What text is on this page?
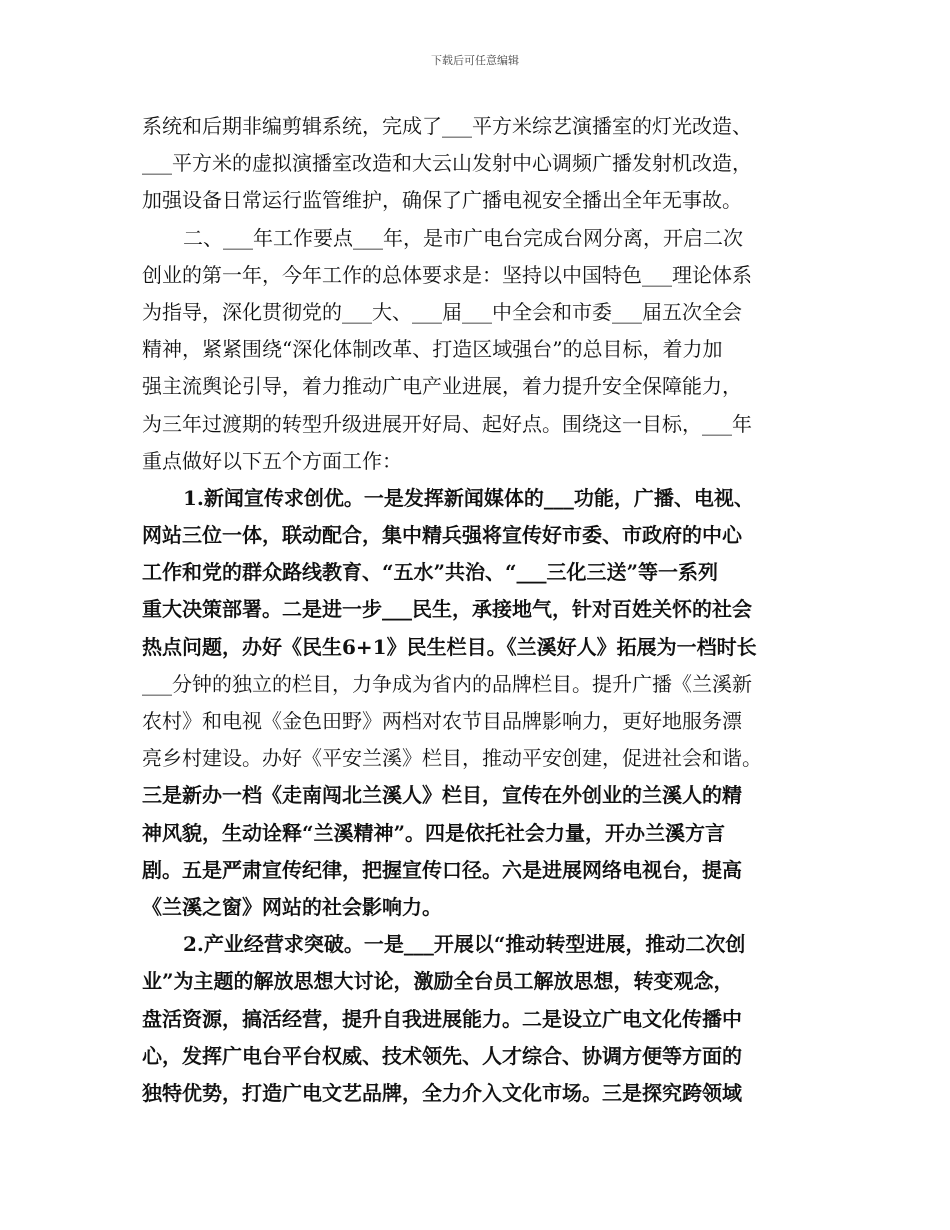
下载后可任意编辑
系统和后期非编剪辑系统，完成了___平方米综艺演播室的灯光改造、
___平方米的虚拟演播室改造和大云山发射中心调频广播发射机改造，
加强设备日常运行监管维护，确保了广播电视安全播出全年无事故。
二、___年工作要点___年，是市广电台完成台网分离，开启二次
创业的第一年，今年工作的总体要求是：坚持以中国特色___理论体系
为指导，深化贯彻党的___大、___届___中全会和市委___届五次全会
精神，紧紧围绕“深化体制改革、打造区域强台”的总目标，着力加
强主流舆论引导，着力推动广电产业进展，着力提升安全保障能力，
为三年过渡期的转型升级进展开好局、起好点。围绕这一目标，___年
重点做好以下五个方面工作：
1.新闻宣传求创优。一是发挥新闻媒体的___功能，广播、电视、
网站三位一体，联动配合，集中精兵强将宣传好市委、市政府的中心
工作和党的群众路线教育、“五水”共治、“___三化三送”等一系列
重大决策部署。二是进一步___民生，承接地气，针对百姓关怀的社会
热点问题，办好《民生6+1》民生栏目。《兰溪好人》拓展为一档时长
___分钟的独立的栏目，力争成为省内的品牌栏目。提升广播《兰溪新
农村》和电视《金色田野》两档对农节目品牌影响力，更好地服务漂
亮乡村建设。办好《平安兰溪》栏目，推动平安创建，促进社会和谐。
三是新办一档《走南闯北兰溪人》栏目，宣传在外创业的兰溪人的精
神风貌，生动诠释“兰溪精神”。四是依托社会力量，开办兰溪方言
剧。五是严肃宣传纪律，把握宣传口径。六是进展网络电视台，提高
《兰溪之窗》网站的社会影响力。
2.产业经营求突破。一是___开展以“推动转型进展，推动二次创
业”为主题的解放思想大讨论，激励全台员工解放思想，转变观念，
盘活资源，搞活经营，提升自我进展能力。二是设立广电文化传播中
心，发挥广电台平台权威、技术领先、人才综合、协调方便等方面的
独特优势，打造广电文艺品牌，全力介入文化市场。三是探究跨领域
